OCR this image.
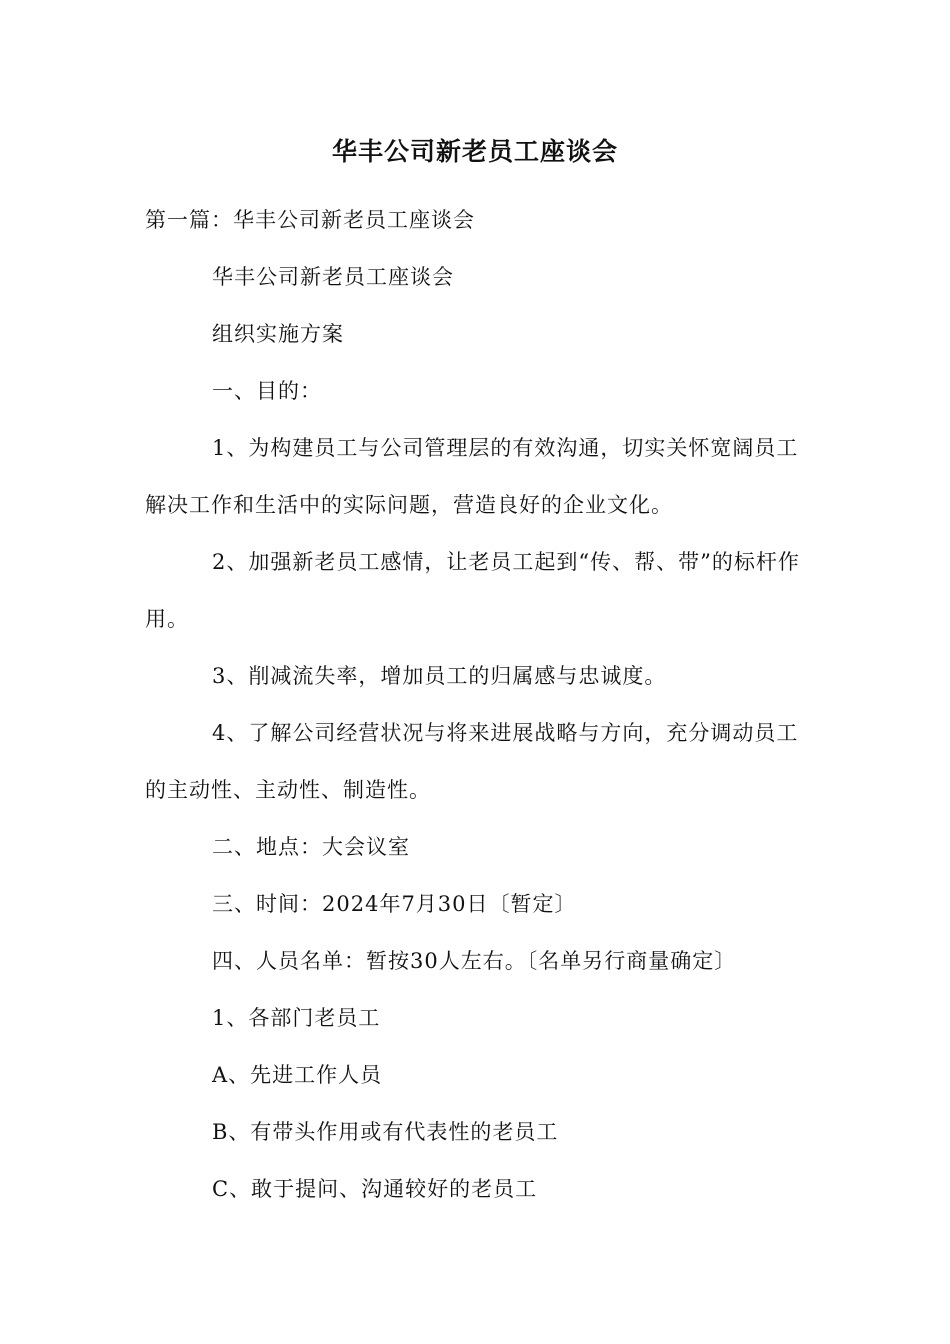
华丰公司新老员工座谈会
第一篇：华丰公司新老员工座谈会
华丰公司新老员工座谈会
组织实施方案
一、目的：
1、为构建员工与公司管理层的有效沟通，切实关怀宽阔员工解决工作和生活中的实际问题，营造良好的企业文化。
2、加强新老员工感情，让老员工起到“传、帮、带”的标杆作用。
3、削减流失率，增加员工的归属感与忠诚度。
4、了解公司经营状况与将来进展战略与方向，充分调动员工的主动性、主动性、制造性。
二、地点：大会议室
三、时间：2024年7月30日〔暂定〕
四、人员名单：暂按30人左右。〔名单另行商量确定〕
1、各部门老员工
A、先进工作人员
B、有带头作用或有代表性的老员工
C、敢于提问、沟通较好的老员工
